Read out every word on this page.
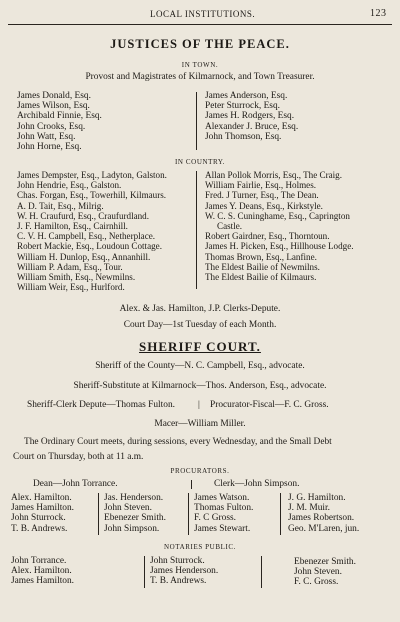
LOCAL INSTITUTIONS.	123
JUSTICES OF THE PEACE.
IN TOWN.
Provost and Magistrates of Kilmarnock, and Town Treasurer.
James Donald, Esq.
James Wilson, Esq.
Archibald Finnie, Esq.
John Crooks, Esq.
John Watt, Esq.
John Horne, Esq.
James Anderson, Esq.
Peter Sturrock, Esq.
James H. Rodgers, Esq.
Alexander J. Bruce, Esq.
John Thomson, Esq.
IN COUNTRY.
James Dempster, Esq., Ladyton, Galston.
John Hendrie, Esq., Galston.
Chas. Forgan, Esq., Towerhill, Kilmaurs.
A. D. Tait, Esq., Milrig.
W. H. Craufurd, Esq., Craufurdland.
J. F. Hamilton, Esq., Cairnhill.
C. V. H. Campbell, Esq., Netherplace.
Robert Mackie, Esq., Loudoun Cottage.
William H. Dunlop, Esq., Annanhill.
William P. Adam, Esq., Tour.
William Smith, Esq., Newmilns.
William Weir, Esq., Hurlford.
Allan Pollok Morris, Esq., The Craig.
William Fairlie, Esq., Holmes.
Fred. J Turner, Esq., The Dean.
James Y. Deans, Esq., Kirkstyle.
W. C. S. Cuninghame, Esq., Caprington
Castle.
Robert Gairdner, Esq., Thorntoun.
James H. Picken, Esq., Hillhouse Lodge.
Thomas Brown, Esq., Lanfine.
The Eldest Bailie of Newmilns.
The Eldest Bailie of Kilmaurs.
Alex. & Jas. Hamilton, J.P. Clerks-Depute.
Court Day—1st Tuesday of each Month.
SHERIFF COURT.
Sheriff of the County—N. C. Campbell, Esq., advocate.
Sheriff-Substitute at Kilmarnock—Thos. Anderson, Esq., advocate.
Sheriff-Clerk Depute—Thomas Fulton. | Procurator-Fiscal—F. C. Gross.
Macer—William Miller.
The Ordinary Court meets, during sessions, every Wednesday, and the Small Debt
Court on Thursday, both at 11 a.m.
PROCURATORS.
Dean—John Torrance.	Clerk—John Simpson.
Alex. Hamilton.
James Hamilton.
John Sturrock.
T. B. Andrews.
Jas. Henderson.
John Steven.
Ebenezer Smith.
John Simpson.
James Watson.
Thomas Fulton.
F. C Gross.
James Stewart.
J. G. Hamilton.
J. M. Muir.
James Robertson.
Geo. M'Laren, jun.
NOTARIES PUBLIC.
John Torrance.
Alex. Hamilton.
James Hamilton.
John Sturrock.
James Henderson.
T. B. Andrews.
Ebenezer Smith.
John Steven.
F. C. Gross.
